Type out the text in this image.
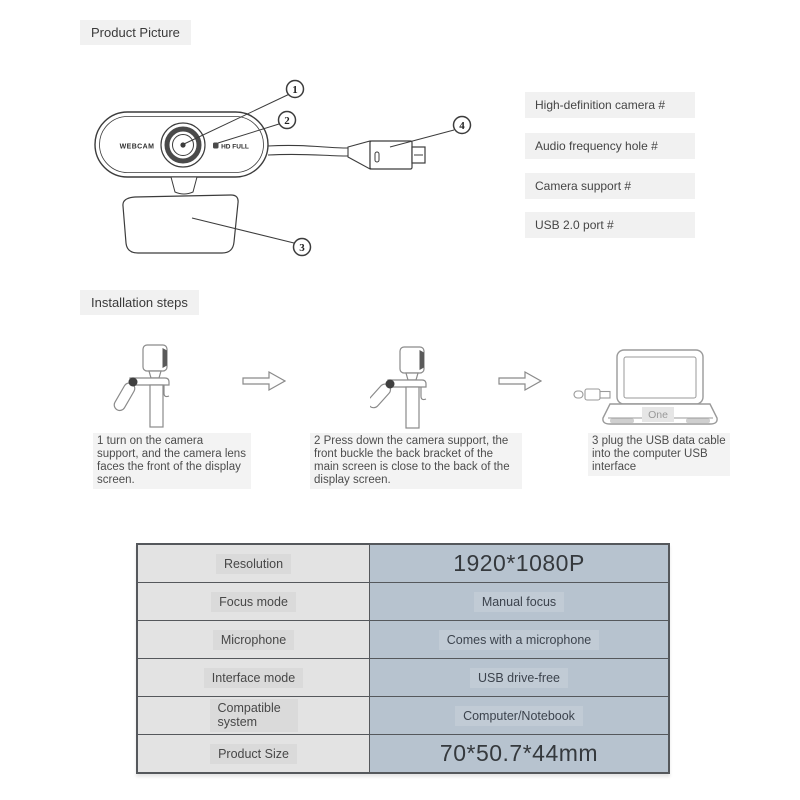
Product Picture
WEBCAM	HD FULL
1
2
3
4
High-definition camera #
Audio frequency hole #
Camera support #
USB 2.0 port #
Installation steps
One
1 turn on the camera support, and the camera lens faces the front of the display screen.
2 Press down the camera support, the front buckle the back bracket of the main screen is close to the back of the display screen.
3 plug the USB data cable into the computer USB interface
Resolution	1920*1080P
Focus mode	Manual focus
Microphone	Comes with a microphone
Interface mode	USB drive-free
Compatible system	Computer/Notebook
Product Size	70*50.7*44mm
